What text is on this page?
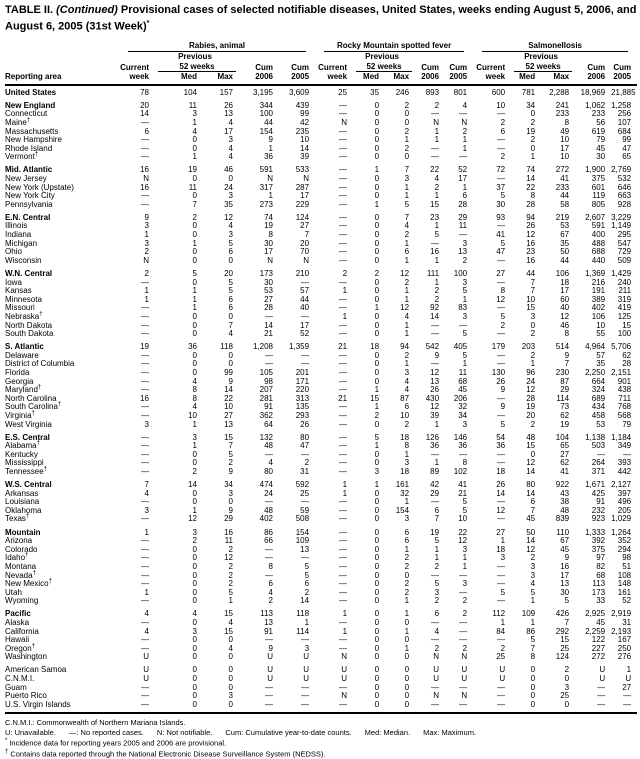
TABLE II. (Continued) Provisional cases of selected notifiable diseases, United States, weeks ending August 5, 2006, and August 6, 2005 (31st Week)*
Reporting area	Rabies, animal					Rocky Mountain spotted fever					Salmonellosis				

		Previous					Previous					Previous			
	Current	52 weeks		Cum	Cum	Current	52 weeks		Cum	Cum	Current	52 weeks		Cum	Cum
	week	Med	Max	2006	2005	week	Med	Max	2006	2005	week	Med	Max	2006	2005
United States	78	104	157	3,195	3,609	25	35	246	893	801	600	781	2,288	18,969	21,885
New England	20	11	26	344	439	—	0	2	2	4	10	34	241	1,062	1,258
Connecticut	14	3	13	100	99	—	0	0	—	—	—	0	233	233	256
Maine†	—	1	4	44	42	N	0	0	N	N	2	2	8	56	107
Massachusetts	6	4	17	154	235	—	0	2	1	2	6	19	49	619	684
New Hampshire	—	0	3	9	10	—	0	1	1	1	—	2	10	79	99
Rhode Island	—	0	4	1	14	—	0	2	—	1	—	0	17	45	47
Vermont†	—	1	4	36	39	—	0	0	—	—	2	1	10	30	65
Mid. Atlantic	16	19	46	591	533	—	1	7	22	52	72	74	272	1,900	2,769
New Jersey	N	0	0	N	N	—	0	3	4	17	—	14	41	375	532
New York (Upstate)	16	11	24	317	287	—	0	1	2	1	37	22	233	601	646
New York City	—	0	3	1	17	—	0	1	1	6	5	8	44	119	663
Pennsylvania	—	7	35	273	229	—	1	5	15	28	30	28	58	805	928
E.N. Central	9	2	12	74	124	—	0	7	23	29	93	94	219	2,607	3,229
Illinois	3	0	4	19	27	—	0	4	1	11	—	26	53	591	1,149
Indiana	1	0	3	8	7	—	0	2	5	—	41	12	67	400	295
Michigan	3	1	5	30	20	—	0	1	—	3	5	16	35	488	547
Ohio	2	0	6	17	70	—	0	6	16	13	47	23	50	688	729
Wisconsin	N	0	0	N	N	—	0	1	1	2	—	16	44	440	509
W.N. Central	2	5	20	173	210	2	2	12	111	100	27	44	106	1,369	1,429
Iowa	—	0	5	30	—	—	0	2	1	3	—	7	18	216	240
Kansas	1	1	5	53	57	1	0	1	2	5	8	7	17	191	211
Minnesota	1	1	6	27	44	—	0	1	2	1	12	10	60	389	319
Missouri	—	1	6	28	40	—	1	12	92	83	—	15	40	402	419
Nebraska†	—	0	0	—	—	1	0	4	14	3	5	3	12	106	125
North Dakota	—	0	7	14	17	—	0	1	—	—	2	0	46	10	15
South Dakota	—	0	4	21	52	—	0	1	—	5	—	2	8	55	100
S. Atlantic	19	36	118	1,208	1,359	21	18	94	542	405	179	203	514	4,964	5,706
Delaware	—	0	0	—	—	—	0	2	9	5	—	2	9	57	62
District of Columbia	—	0	0	—	—	—	0	1	—	1	—	1	7	35	28
Florida	—	0	99	105	201	—	0	3	12	11	130	96	230	2,250	2,151
Georgia	—	4	9	98	171	—	0	4	13	68	26	24	87	664	901
Maryland†	—	8	14	207	220	—	1	4	26	45	9	12	29	324	438
North Carolina	16	8	22	281	313	21	15	87	430	206	—	28	114	689	711
South Carolina†	—	4	10	91	135	—	1	6	12	32	9	19	73	434	768
Virginia†	—	10	27	362	293	—	2	10	39	34	—	20	62	458	568
West Virginia	3	1	13	64	26	—	0	2	1	3	5	2	19	53	79
E.S. Central	—	3	15	132	80	—	5	18	126	146	54	48	104	1,138	1,184
Alabama†	—	1	7	48	47	—	1	8	36	36	36	15	65	503	349
Kentucky	—	0	5	—	—	—	0	1	—	—	—	0	27	—	—
Mississippi	—	0	2	4	2	—	0	3	1	8	—	12	62	264	393
Tennessee†	—	2	9	80	31	—	3	18	89	102	18	14	41	371	442
W.S. Central	7	14	34	474	592	1	1	161	42	41	26	80	922	1,671	2,127
Arkansas	4	0	3	24	25	1	0	32	29	21	14	14	43	425	397
Louisiana	—	0	0	—	—	—	0	1	—	5	—	6	38	91	496
Oklahoma	3	1	9	48	59	—	0	154	6	5	12	7	48	232	205
Texas†	—	12	29	402	508	—	0	3	7	10	—	45	839	923	1,029
Mountain	1	3	16	86	154	—	0	6	19	22	27	50	110	1,333	1,264
Arizona	—	2	11	66	109	—	0	6	5	12	1	14	67	392	352
Colorado	—	0	2	—	13	—	0	1	1	3	18	12	45	375	294
Idaho†	—	0	12	—	—	—	0	2	1	1	3	2	9	97	98
Montana	—	0	2	8	5	—	0	2	2	1	—	3	16	82	51
Nevada†	—	0	2	—	5	—	0	0	—	—	—	3	17	68	108
New Mexico†	—	0	2	6	6	—	0	2	5	3	—	4	13	113	148
Utah	1	0	5	4	2	—	0	2	3	—	5	5	30	173	161
Wyoming	—	0	1	2	14	—	0	1	2	2	—	1	5	33	52
Pacific	4	4	15	113	118	1	0	1	6	2	112	109	426	2,925	2,919
Alaska	—	0	4	13	1	—	0	0	—	—	1	1	7	45	31
California	4	3	15	91	114	1	0	1	4	—	84	86	292	2,259	2,193
Hawaii	—	0	0	—	—	—	0	0	—	—	—	5	15	122	167
Oregon†	—	0	4	9	3	—	0	1	2	2	2	7	25	227	250
Washington	U	0	0	U	U	N	0	0	N	N	25	8	124	272	276
American Samoa	U	0	0	U	U	U	0	0	U	U	U	0	2	U	1
C.N.M.I.	U	0	0	U	U	U	0	0	U	U	U	0	0	U	U
Guam	—	0	0	—	—	—	0	0	—	—	—	0	3	—	27
Puerto Rico	—	0	3	—	—	N	0	0	N	N	—	0	25	—	—
U.S. Virgin Islands	—	0	0	—	—	—	0	0	—	—	—	0	0	—	—
C.N.M.I.: Commonwealth of Northern Mariana Islands.
U: Unavailable. —: No reported cases. N: Not notifiable. Cum: Cumulative year-to-date counts. Med: Median. Max: Maximum.
* Incidence data for reporting years 2005 and 2006 are provisional.
† Contains data reported through the National Electronic Disease Surveillance System (NEDSS).
